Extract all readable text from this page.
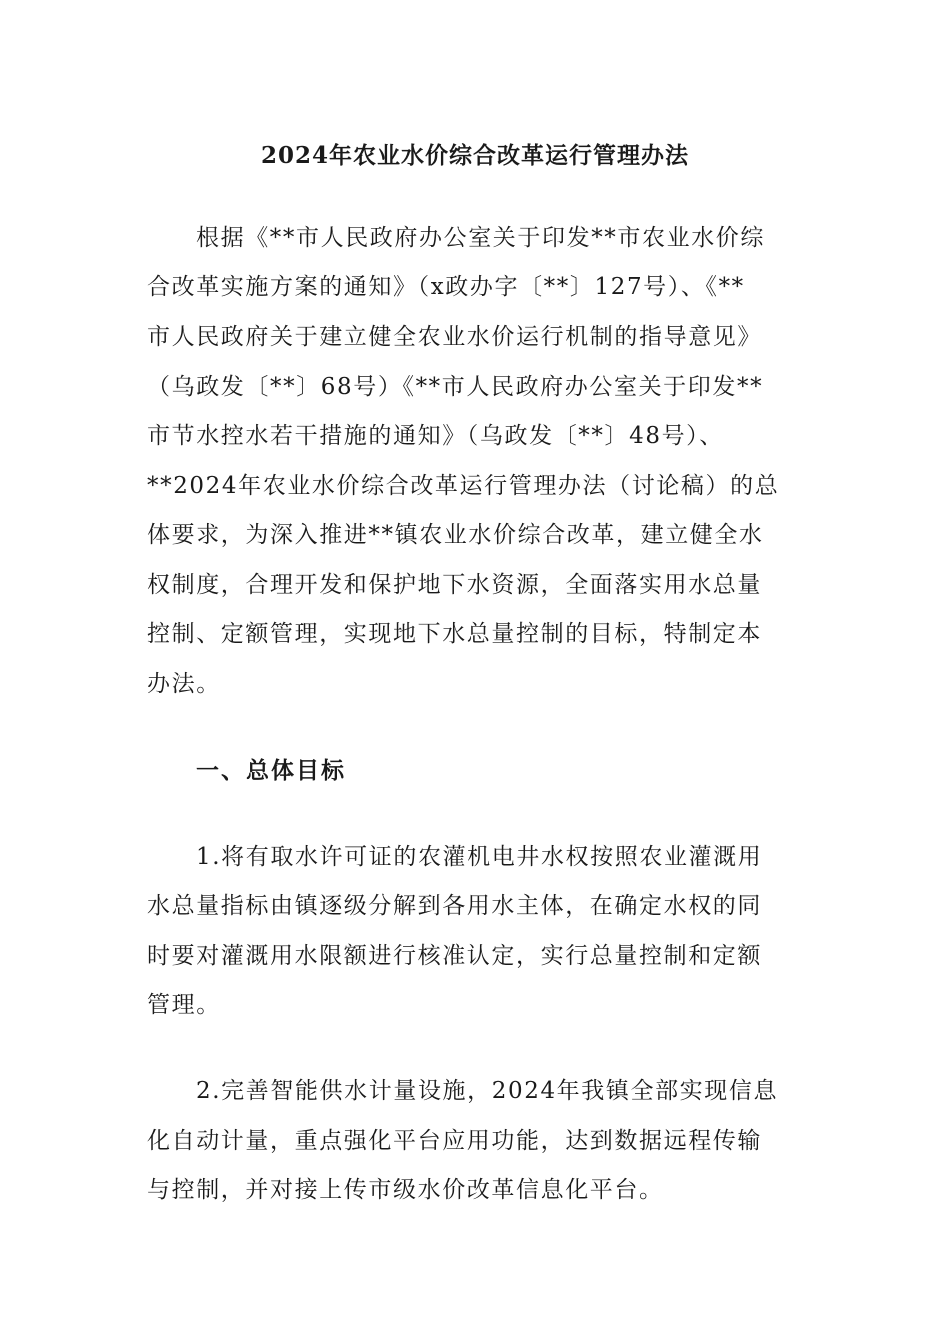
2024年农业水价综合改革运行管理办法
根据《**市人民政府办公室关于印发**市农业水价综
合改革实施方案的通知》（x政办字〔**〕127号）、《**
市人民政府关于建立健全农业水价运行机制的指导意见》
（乌政发〔**〕68号）《**市人民政府办公室关于印发**
市节水控水若干措施的通知》（乌政发〔**〕48号）、
**2024年农业水价综合改革运行管理办法（讨论稿）的总
体要求，为深入推进**镇农业水价综合改革，建立健全水
权制度，合理开发和保护地下水资源，全面落实用水总量
控制、定额管理，实现地下水总量控制的目标，特制定本
办法。
一、总体目标
1.将有取水许可证的农灌机电井水权按照农业灌溉用
水总量指标由镇逐级分解到各用水主体，在确定水权的同
时要对灌溉用水限额进行核准认定，实行总量控制和定额
管理。
2.完善智能供水计量设施，2024年我镇全部实现信息
化自动计量，重点强化平台应用功能，达到数据远程传输
与控制，并对接上传市级水价改革信息化平台。
